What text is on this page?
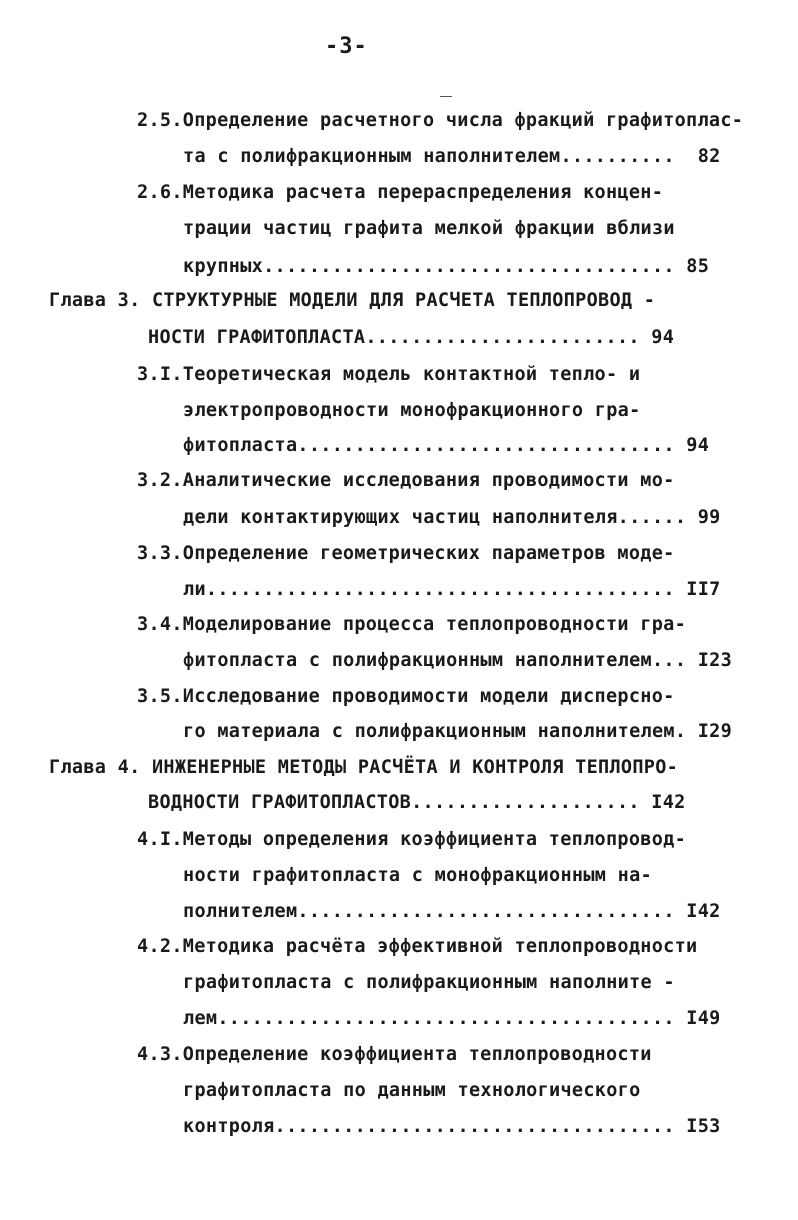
-3-
2.5.Определение расчетного числа фракций графитоплас-
та с полифракционным наполнителем..........  82
2.6.Методика расчета перераспределения концен-
трации частиц графита мелкой фракции вблизи
крупных.................................... 85
Глава 3. СТРУКТУРНЫЕ МОДЕЛИ ДЛЯ РАСЧЕТА ТЕПЛОПРОВОД -
НОСТИ ГРАФИТОПЛАСТА........................ 94
3.I.Теоретическая модель контактной тепло- и
электропроводности монофракционного гра-
фитопласта................................. 94
3.2.Аналитические исследования проводимости мо-
дели контактирующих частиц наполнителя...... 99
3.3.Определение геометрических параметров моде-
ли......................................... II7
3.4.Моделирование процесса теплопроводности гра-
фитопласта с полифракционным наполнителем... I23
3.5.Исследование проводимости модели дисперсно-
го материала с полифракционным наполнителем. I29
Глава 4. ИНЖЕНЕРНЫЕ МЕТОДЫ РАСЧЁТА И КОНТРОЛЯ ТЕПЛОПРО-
ВОДНОСТИ ГРАФИТОПЛАСТОВ.................... I42
4.I.Методы определения коэффициента теплопровод-
ности графитопласта с монофракционным на-
полнителем................................. I42
4.2.Методика расчёта эффективной теплопроводности
графитопласта с полифракционным наполните -
лем........................................ I49
4.3.Определение коэффициента теплопроводности
графитопласта по данным технологического
контроля................................... I53
